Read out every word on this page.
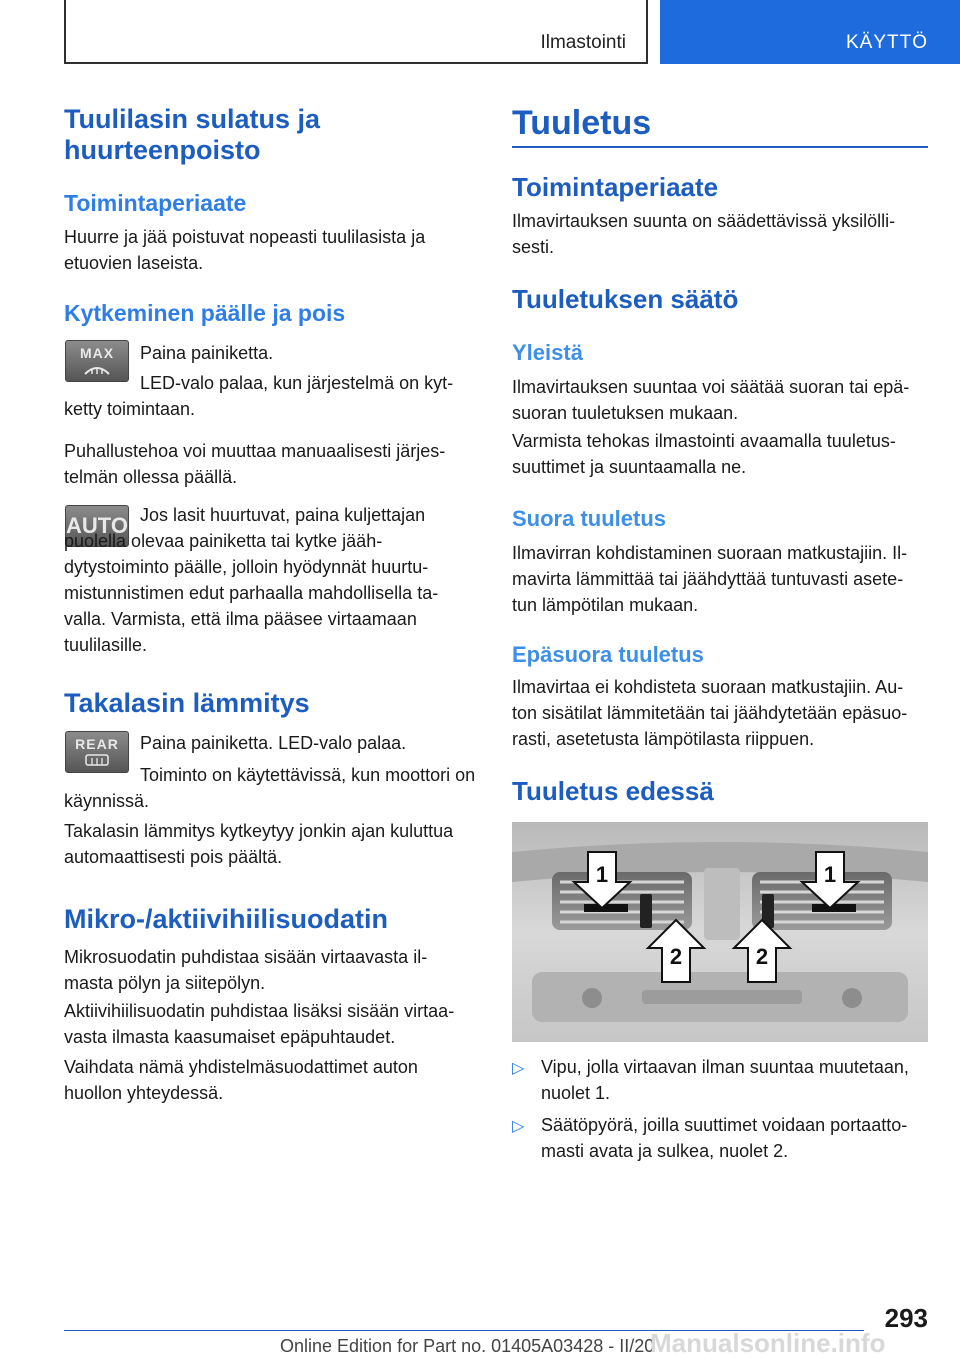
Ilmastointi	KÄYTTÖ
Tuulilasin sulatus ja huurteenpoisto
Toimintaperiaate
Huurre ja jää poistuvat nopeasti tuulilasista ja etuovien laseista.
Kytkeminen päälle ja pois
MAX	Paina painiketta.
LED-valo palaa, kun järjestelmä on kyt-ketty toimintaan.
Puhallustehoa voi muuttaa manuaalisesti järjes-telmän ollessa päällä.
AUTO Jos lasit huurtuvat, paina kuljettajan puolella olevaa painiketta tai kytke jääh-dytystoiminto päälle, jolloin hyödynnät huurtu-mistunnistimen edut parhaalla mahdollisella ta-valla. Varmista, että ilma pääsee virtaamaan tuulilasille.
Takalasin lämmitys
REAR	Paina painiketta. LED-valo palaa.
Toiminto on käytettävissä, kun moottori on käynnissä.
Takalasin lämmitys kytkeytyy jonkin ajan kuluttua automaattisesti pois päältä.
Mikro-/aktiivihiilisuodatin
Mikrosuodatin puhdistaa sisään virtaavasta il-masta pölyn ja siitepölyn.
Aktiivihiilisuodatin puhdistaa lisäksi sisään virtaa-vasta ilmasta kaasumaiset epäpuhtaudet.
Vaihdata nämä yhdistelmäsuodattimet auton huollon yhteydessä.
Tuuletus
Toimintaperiaate
Ilmavirtauksen suunta on säädettävissä yksilölli-sesti.
Tuuletuksen säätö
Yleistä
Ilmavirtauksen suuntaa voi säätää suoran tai epä-suoran tuuletuksen mukaan.
Varmista tehokas ilmastointi avaamalla tuuletus-suuttimet ja suuntaamalla ne.
Suora tuuletus
Ilmavirran kohdistaminen suoraan matkustajiin. Il-mavirta lämmittää tai jäähdyttää tuntuvasti asete-tun lämpötilan mukaan.
Epäsuora tuuletus
Ilmavirtaa ei kohdisteta suoraan matkustajiin. Au-ton sisätilat lämmitetään tai jäähdytetään epäsuo-rasti, asetetusta lämpötilasta riippuen.
Tuuletus edessä
1	1
2	2
▷ Vipu, jolla virtaavan ilman suuntaa muutetaan, nuolet 1.
▷ Säätöpyörä, joilla suuttimet voidaan portaatto-masti avata ja sulkea, nuolet 2.
293
Online Edition for Part no. 01405A03428 - II/20
Manualsonline.info
